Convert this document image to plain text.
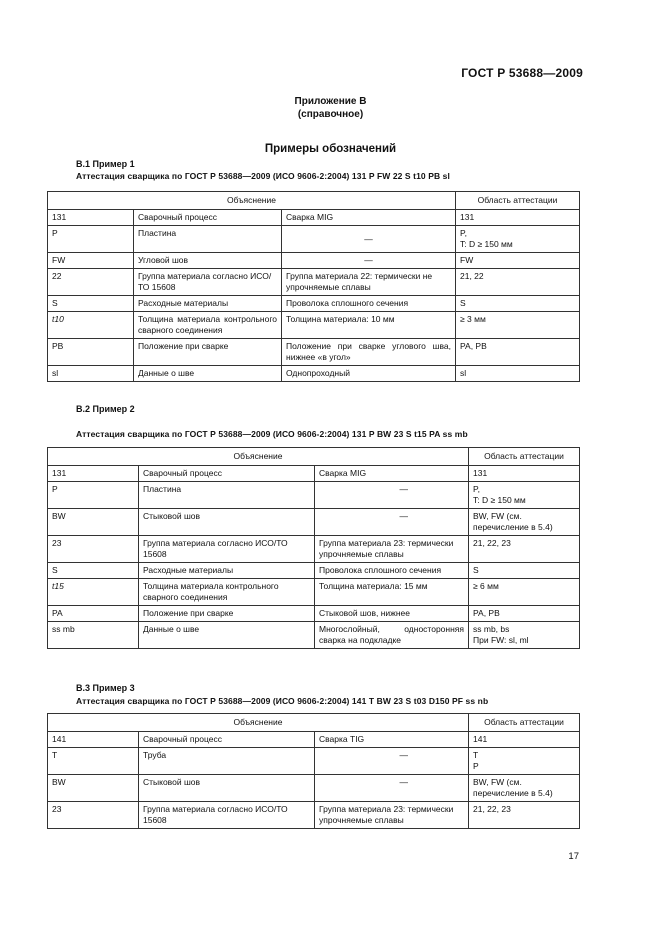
ГОСТ Р 53688—2009
Приложение В
(справочное)
Примеры обозначений
В.1 Пример 1
Аттестация сварщика по ГОСТ Р 53688—2009 (ИСО 9606-2:2004) 131 P FW 22 S t10 PB sl
Объяснение			Область аттестации
131	Сварочный процесс	Сварка MIG	131
P	Пластина	—	P,
T: D ≥ 150 мм
FW	Угловой шов	—	FW
22	Группа материала согласно ИСО/ТО 15608	Группа материала 22: термически не упрочняемые сплавы	21, 22
S	Расходные материалы	Проволока сплошного сечения	S
t10	Толщина материала контрольного сварного соединения	Толщина материала: 10 мм	≥ 3 мм
PB	Положение при сварке	Положение при сварке углового шва, нижнее «в угол»	PA, PB
sl	Данные о шве	Однопроходный	sl
В.2 Пример 2
Аттестация сварщика по ГОСТ Р 53688—2009 (ИСО 9606-2:2004) 131 P BW 23 S t15 PA ss mb
Объяснение			Область аттестации
131	Сварочный процесс	Сварка MIG	131
P	Пластина	—	P,
T: D ≥ 150 мм
BW	Стыковой шов	—	BW, FW (см. перечисление в 5.4)
23	Группа материала согласно ИСО/ТО 15608	Группа материала 23: термически упрочняемые сплавы	21, 22, 23
S	Расходные материалы	Проволока сплошного сечения	S
t15	Толщина материала контрольного сварного соединения	Толщина материала: 15 мм	≥ 6 мм
PA	Положение при сварке	Стыковой шов, нижнее	PA, PB
ss mb	Данные о шве	Многослойный, односторонняя сварка на подкладке	ss mb, bs
При FW: sl, ml
В.3 Пример 3
Аттестация сварщика по ГОСТ Р 53688—2009 (ИСО 9606-2:2004) 141 T BW 23 S t03 D150 PF ss nb
Объяснение			Область аттестации
141	Сварочный процесс	Сварка TIG	141
T	Труба	—	T
P
BW	Стыковой шов	—	BW, FW (см. перечисление в 5.4)
23	Группа материала согласно ИСО/ТО 15608	Группа материала 23: термически упрочняемые сплавы	21, 22, 23
17
